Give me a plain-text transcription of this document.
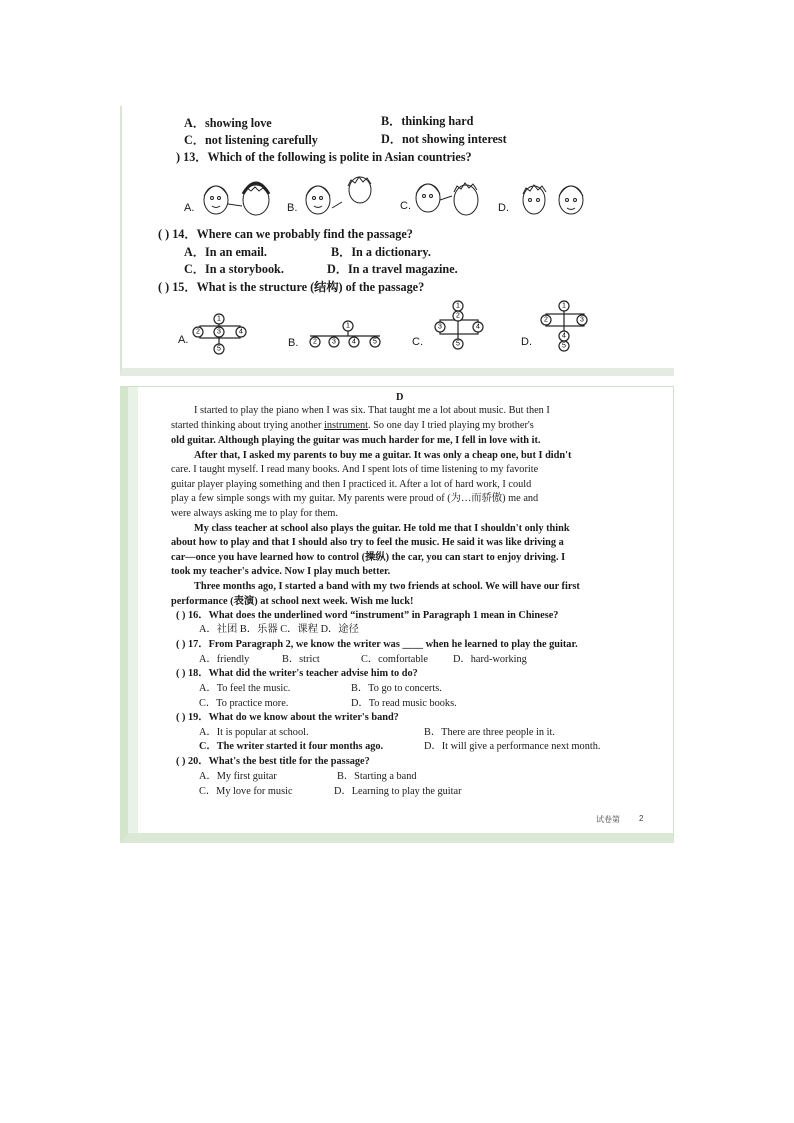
A．showing love	B．thinking hard
C．not listening carefully	D．not showing interest
) 13．Which of the following is polite in Asian countries?
A.	B.	C.	D.
( ) 14．Where can we probably find the passage?
A．In an email.	B．In a dictionary.
C．In a storybook.	D．In a travel magazine.
( ) 15．What is the structure (结构) of the passage?
A.	B.	C.	D.
1
2 3	4
5
1
2 3 4 5
1
2
3	4
5
1
2	3
4
5
D
I started to play the piano when I was six. That taught me a lot about music. But then I
started thinking about trying another instrument. So one day I tried playing my brother's
old guitar. Although playing the guitar was much harder for me, I fell in love with it.
After that, I asked my parents to buy me a guitar. It was only a cheap one, but I didn't
care. I taught myself. I read many books. And I spent lots of time listening to my favorite
guitar player playing something and then I practiced it. After a lot of hard work, I could
play a few simple songs with my guitar. My parents were proud of (为…而骄傲) me and
were always asking me to play for them.
My class teacher at school also plays the guitar. He told me that I shouldn't only think
about how to play and that I should also try to feel the music. He said it was like driving a
car—once you have learned how to control (操纵) the car, you can start to enjoy driving. I
took my teacher's advice. Now I play much better.
Three months ago, I started a band with my two friends at school. We will have our first
performance (表演) at school next week. Wish me luck!
( ) 16．What does the underlined word “instrument” in Paragraph 1 mean in Chinese?
A．社团 B．乐器 C．课程 D．途径
( ) 17．From Paragraph 2, we know the writer was ____ when he learned to play the guitar.
A．friendly	B．strict	C．comfortable D．hard-working
( ) 18．What did the writer's teacher advise him to do?
A．To feel the music.	B．To go to concerts.
C．To practice more.	D．To read music books.
( ) 19．What do we know about the writer's band?
A．It is popular at school.	B．There are three people in it.
C．The writer started it four months ago.	D．It will give a performance next month.
( ) 20．What's the best title for the passage?
A．My first guitar	B．Starting a band
C．My love for music	D．Learning to play the guitar
试卷第 2
